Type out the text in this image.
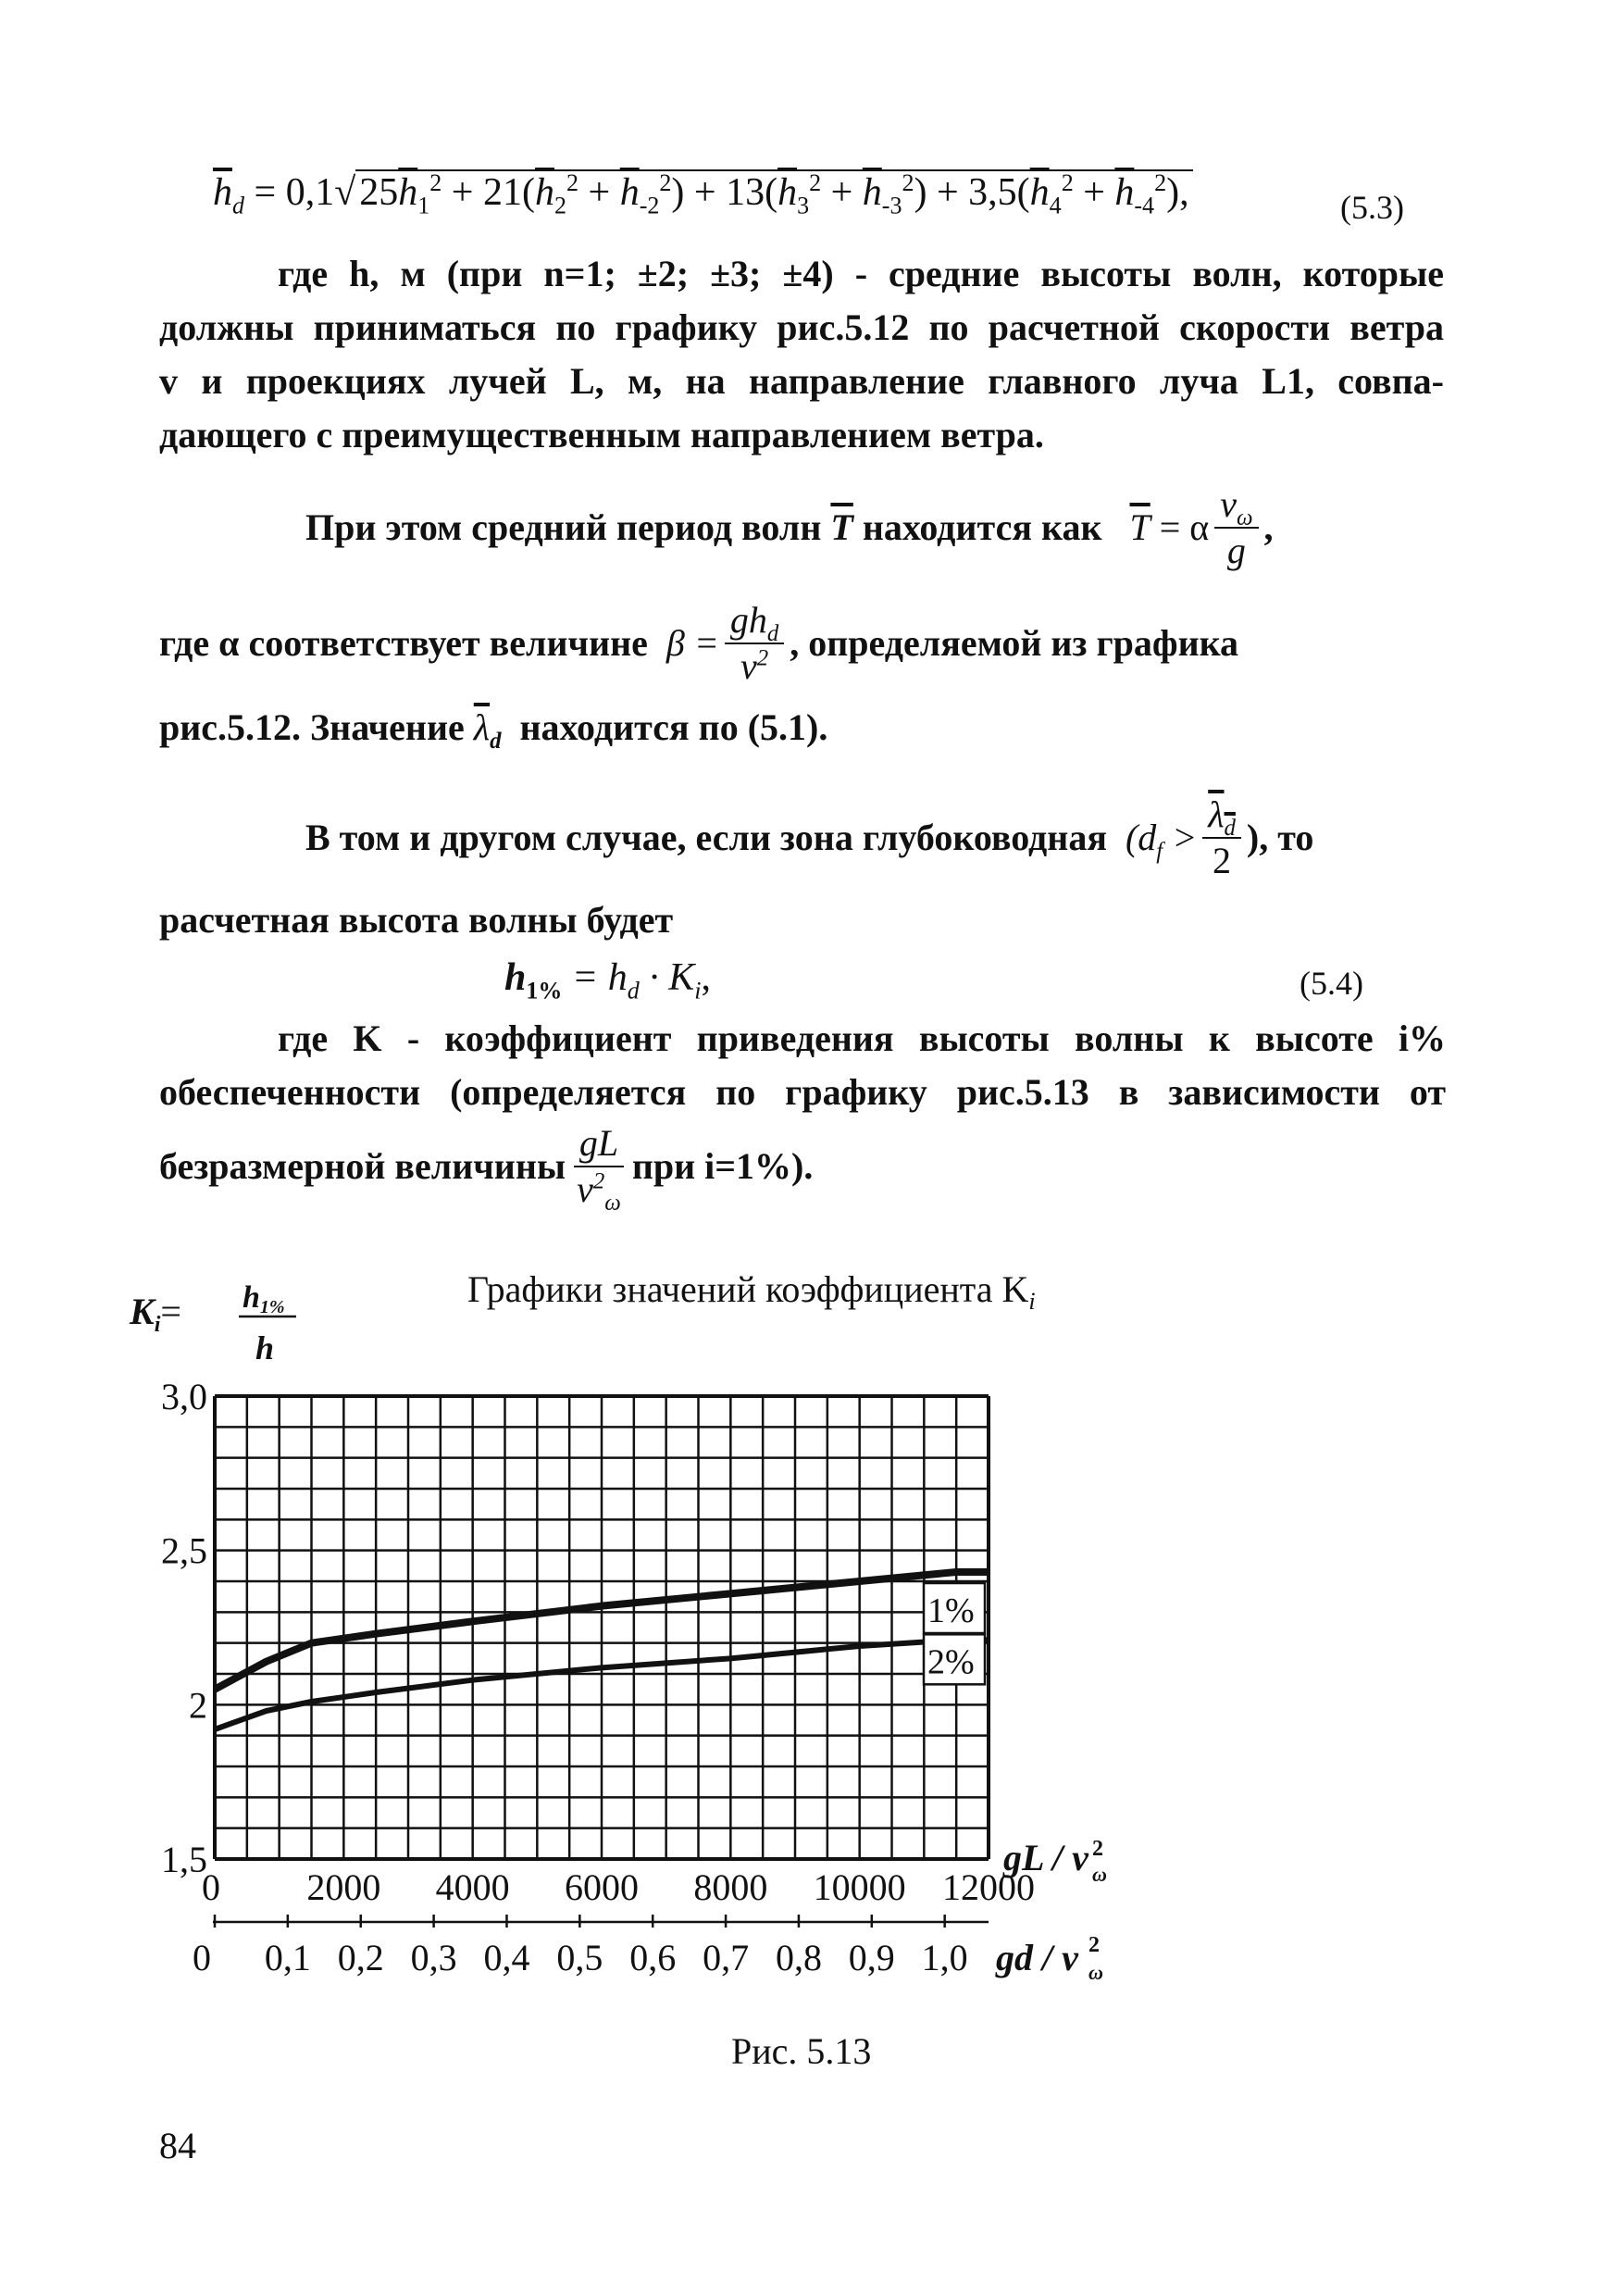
$\overline{h}_d = 0,1√25\overline{h}_1^2 + 21(\overline{h}_2^2 + \overline{h}_{-2}^2) + 13(\overline{h}_3^2 + \overline{h}_{-3}^2) + 3,5(\overline{h}_4^2 + \overline{h}_{-4}^2)$,	(5.3)
где h, м (при n=1; ±2; ±3; ±4) - средние высоты волн, которые
должны приниматься по графику рис.5.12 по расчетной скорости ветра
v и проекциях лучей L, м, на направление главного луча L1, совпа-
дающего с преимущественным направлением ветра.
При этом средний период волн
$\overline{T}$
находится как
$\overline{T}$
= α $\frac{v_\omega}{g}$ ,
где α соответствует величине
$\beta = \frac{gh_d}{v^2}$ , определяемой из графика
рис.5.12. Значение $\overline{\lambda}_d$ находится по (5.1).
В том и другом случае, если зона глубоководная
($d_f > \frac{\lambda_d}{2}$ ), то
расчетная высота волны будет
$h_{1\%} = h_d \cdot K_i$,	(5.4)
где K - коэффициент приведения высоты волны к высоте i%
обеспеченности (определяется по графику рис.5.13 в зависимости от
безразмерной величины $\frac{gL}{v^2_\omega}$ при i=1%).
Графики значений коэффициента $K_i$
$K_i= h1\%$
h
1%
2%
3,0
2,5
2
1,5
0 2000 4000 6000 8000 10000 12000
gL / v 2
ω
0 0,1 0,2 0,3 0,4 0,5 0,6 0,7 0,8 0,9 1,0 gd / v 2
ω
Рис. 5.13
84
